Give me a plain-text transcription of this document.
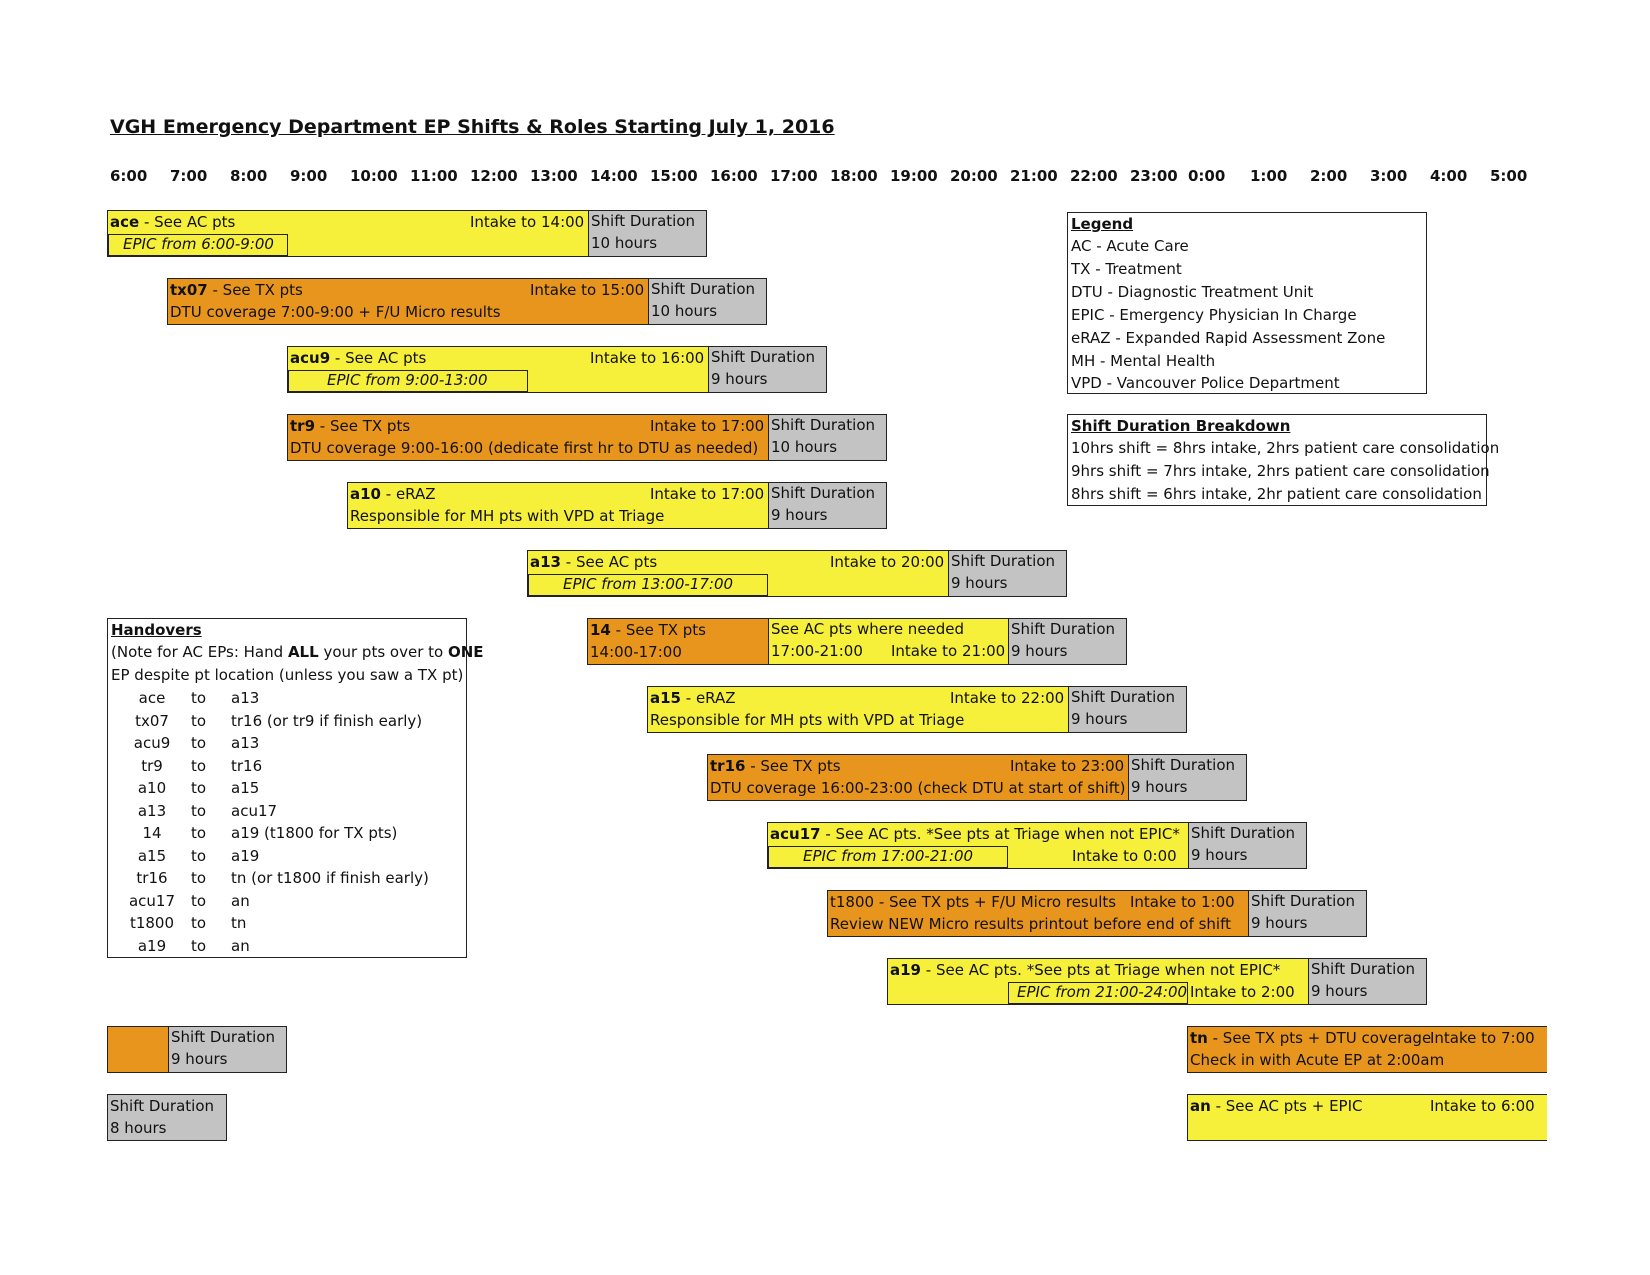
VGH Emergency Department EP Shifts & Roles Starting July 1, 2016
6:00 7:00 8:00 9:00 10:00 11:00 12:00 13:00 14:00 15:00 16:00 17:00 18:00 19:00 20:00 21:00 22:00 23:00 0:00 1:00 2:00 3:00 4:00 5:00
ace - See AC pts	Intake to 14:00
EPIC from 6:00-9:00
Shift Duration
10 hours
tx07 - See TX pts	Intake to 15:00
DTU coverage 7:00-9:00 + F/U Micro results
Shift Duration
10 hours
acu9 - See AC pts	Intake to 16:00
EPIC from 9:00-13:00
Shift Duration
9 hours
tr9 - See TX pts	Intake to 17:00
DTU coverage 9:00-16:00 (dedicate first hr to DTU as needed)
Shift Duration
10 hours
a10 - eRAZ	Intake to 17:00
Responsible for MH pts with VPD at Triage
Shift Duration
9 hours
a13 - See AC pts	Intake to 20:00
EPIC from 13:00-17:00
Shift Duration
9 hours
14 - See TX pts
14:00-17:00
See AC pts where needed
17:00-21:00 Intake to 21:00
Shift Duration
9 hours
a15 - eRAZ	Intake to 22:00
Responsible for MH pts with VPD at Triage
Shift Duration
9 hours
tr16 - See TX pts	Intake to 23:00
DTU coverage 16:00-23:00 (check DTU at start of shift)
Shift Duration
9 hours
acu17 - See AC pts. *See pts at Triage when not EPIC*
EPIC from 17:00-21:00	Intake to 0:00
Shift Duration
9 hours
t1800 - See TX pts + F/U Micro results Intake to 1:00
Review NEW Micro results printout before end of shift
Shift Duration
9 hours
a19 - See AC pts. *See pts at Triage when not EPIC*
EPIC from 21:00-24:00 Intake to 2:00
Shift Duration
9 hours
tn - See TX pts + DTU coverage
Intake to 7:00
Check in with Acute EP at 2:00am
an - See AC pts + EPIC	Intake to 6:00
Legend
AC - Acute Care
TX - Treatment
DTU - Diagnostic Treatment Unit
EPIC - Emergency Physician In Charge
eRAZ - Expanded Rapid Assessment Zone
MH - Mental Health
VPD - Vancouver Police Department
Shift Duration Breakdown
10hrs shift = 8hrs intake, 2hrs patient care consolidation
9hrs shift = 7hrs intake, 2hrs patient care consolidation
8hrs shift = 6hrs intake, 2hr patient care consolidation
Handovers
(Note for AC EPs: Hand ALL your pts over to ONE
EP despite pt location (unless you saw a TX pt)
ace	to a13
tx07	to tr16 (or tr9 if finish early)
acu9	to a13
tr9	to tr16
a10	to a15
a13	to acu17
14	to a19 (t1800 for TX pts)
a15	to a19
tr16	to tn (or t1800 if finish early)
acu17 to an
t1800 to tn
a19	to an
Shift Duration
9 hours
Shift Duration
8 hours
